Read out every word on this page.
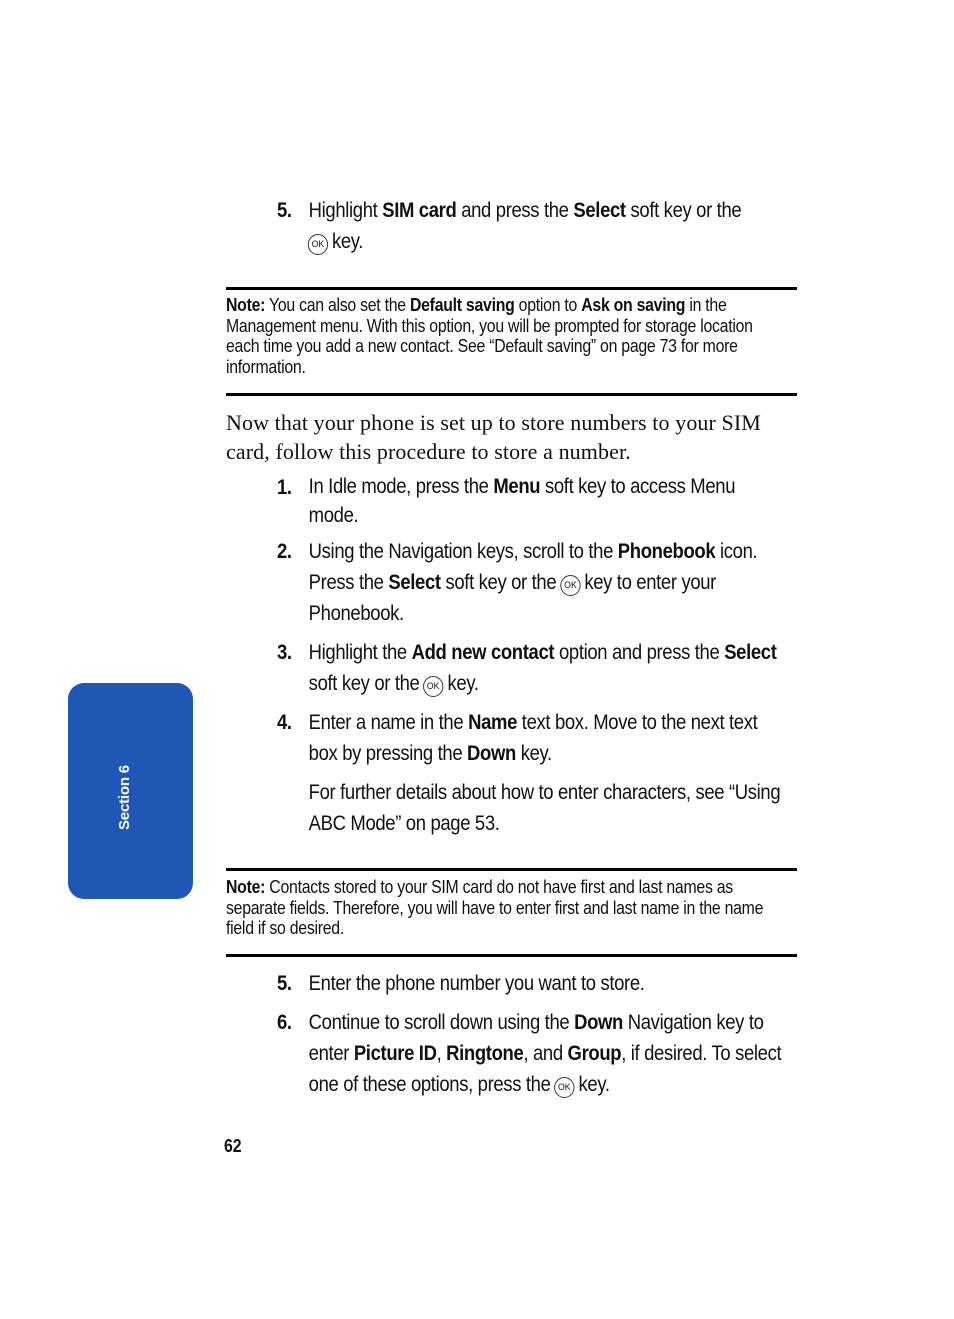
5. Highlight SIM card and press the Select soft key or the

OK key.

Note: You can also set the Default saving option to Ask on saving in the Management menu. With this option, you will be prompted for storage location each time you add a new contact. See “Default saving” on page 73 for more information.
Now that your phone is set up to store numbers to your SIM card, follow this procedure to store a number.
1. In Idle mode, press the Menu soft key to access Menu mode.

2. Using the Navigation keys, scroll to the Phonebook icon. Press the Select soft key or the OK key to enter your Phonebook.

3. Highlight the Add new contact option and press the Select soft key or the OK key.

4. Enter a name in the Name text box. Move to the next text box by pressing the Down key.

For further details about how to enter characters, see “Using ABC Mode” on page 53.

Note: Contacts stored to your SIM card do not have first and last names as separate fields. Therefore, you will have to enter first and last name in the name field if so desired.
5. Enter the phone number you want to store.

6. Continue to scroll down using the Down Navigation key to enter Picture ID, Ringtone, and Group, if desired. To select one of these options, press the OK key.

Section 6
62
